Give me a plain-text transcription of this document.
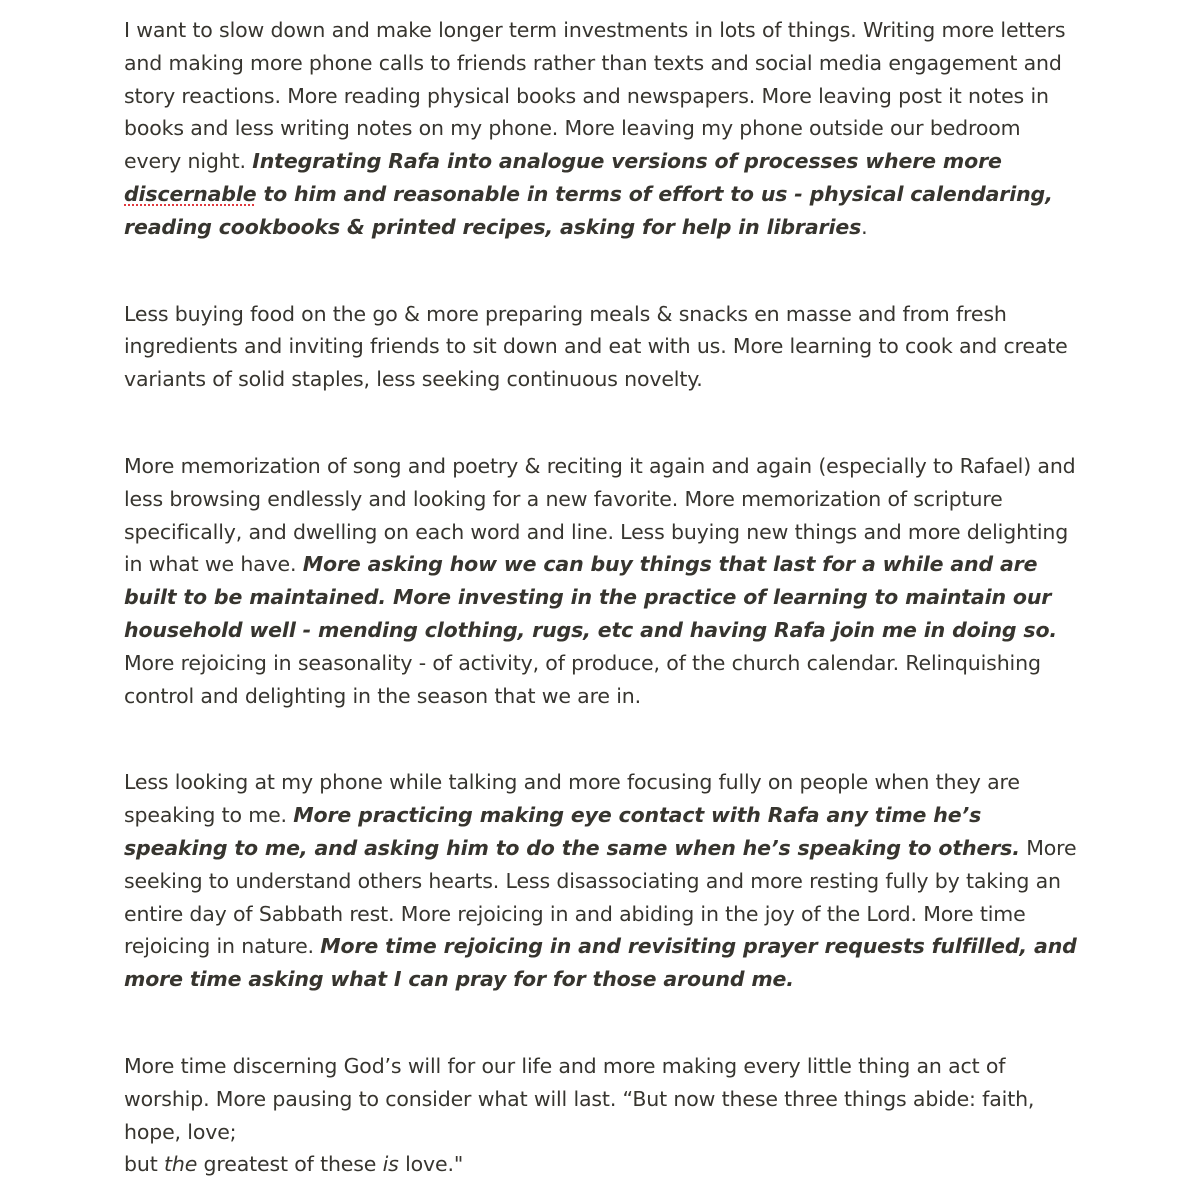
I want to slow down and make longer term investments in lots of things. Writing more letters and making more phone calls to friends rather than texts and social media engagement and story reactions. More reading physical books and newspapers. More leaving post it notes in books and less writing notes on my phone. More leaving my phone outside our bedroom every night. Integrating Rafa into analogue versions of processes where more discernable to him and reasonable in terms of effort to us - physical calendaring, reading cookbooks & printed recipes, asking for help in libraries.

Less buying food on the go & more preparing meals & snacks en masse and from fresh ingredients and inviting friends to sit down and eat with us. More learning to cook and create variants of solid staples, less seeking continuous novelty.

More memorization of song and poetry & reciting it again and again (especially to Rafael) and less browsing endlessly and looking for a new favorite. More memorization of scripture specifically, and dwelling on each word and line. Less buying new things and more delighting in what we have. More asking how we can buy things that last for a while and are built to be maintained. More investing in the practice of learning to maintain our household well - mending clothing, rugs, etc and having Rafa join me in doing so. More rejoicing in seasonality - of activity, of produce, of the church calendar. Relinquishing control and delighting in the season that we are in.

Less looking at my phone while talking and more focusing fully on people when they are speaking to me. More practicing making eye contact with Rafa any time he’s speaking to me, and asking him to do the same when he’s speaking to others. More seeking to understand others hearts. Less disassociating and more resting fully by taking an entire day of Sabbath rest. More rejoicing in and abiding in the joy of the Lord. More time rejoicing in nature. More time rejoicing in and revisiting prayer requests fulfilled, and more time asking what I can pray for for those around me.

More time discerning God’s will for our life and more making every little thing an act of worship. More pausing to consider what will last. “But now these three things abide: faith, hope, love;
but the greatest of these is love."
